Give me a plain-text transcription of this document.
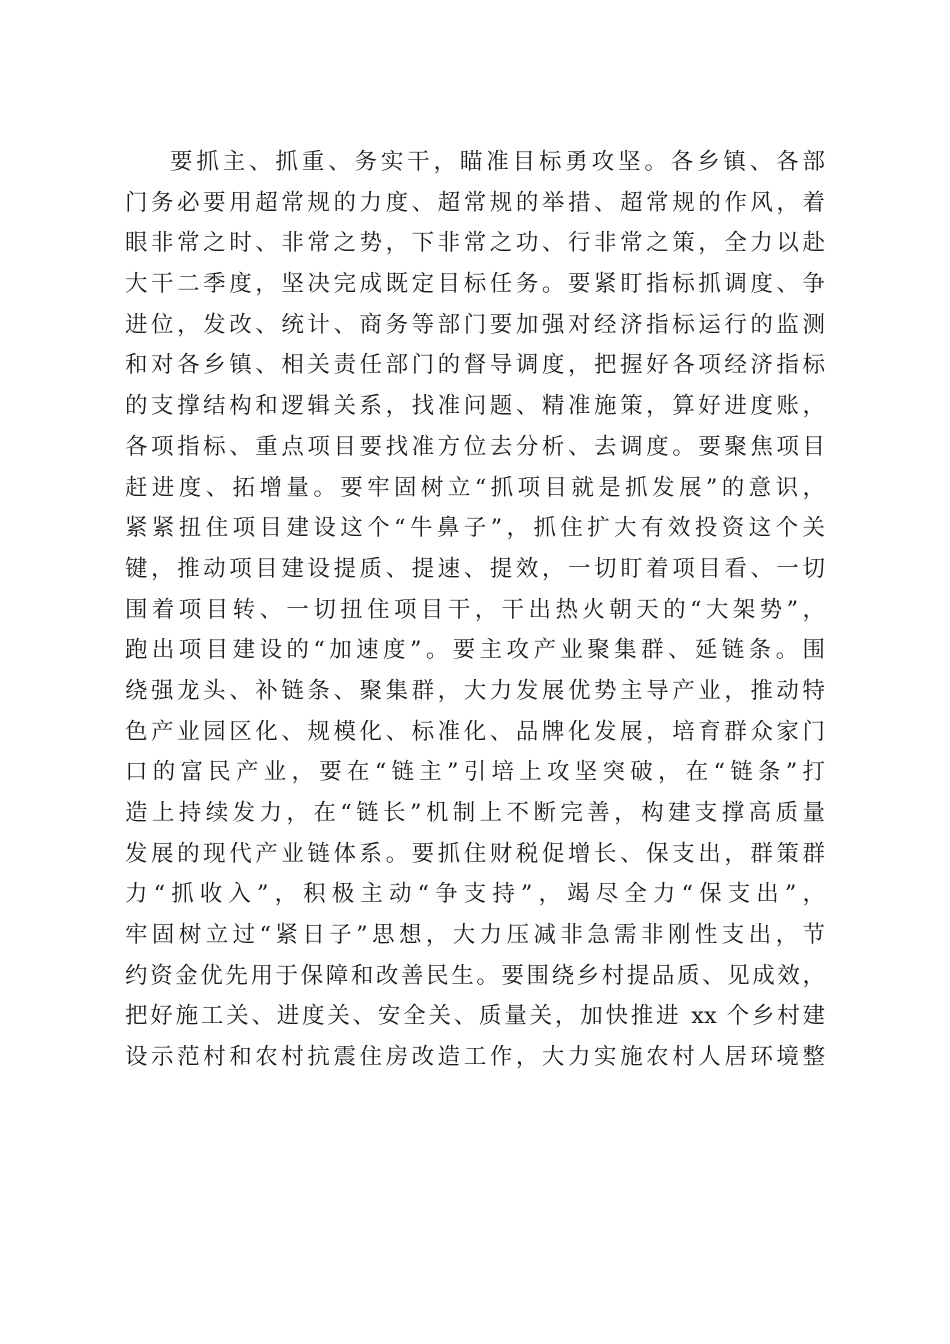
要抓主、抓重、务实干，瞄准目标勇攻坚。各乡镇、各部
门务必要用超常规的力度、超常规的举措、超常规的作风，着
眼非常之时、非常之势，下非常之功、行非常之策，全力以赴
大干二季度，坚决完成既定目标任务。要紧盯指标抓调度、争
进位，发改、统计、商务等部门要加强对经济指标运行的监测
和对各乡镇、相关责任部门的督导调度，把握好各项经济指标
的支撑结构和逻辑关系，找准问题、精准施策，算好进度账，
各项指标、重点项目要找准方位去分析、去调度。要聚焦项目
赶进度、拓增量。要牢固树立“抓项目就是抓发展”的意识，
紧紧扭住项目建设这个“牛鼻子”，抓住扩大有效投资这个关
键，推动项目建设提质、提速、提效，一切盯着项目看、一切
围着项目转、一切扭住项目干，干出热火朝天的“大架势”，
跑出项目建设的“加速度”。要主攻产业聚集群、延链条。围
绕强龙头、补链条、聚集群，大力发展优势主导产业，推动特
色产业园区化、规模化、标准化、品牌化发展，培育群众家门
口的富民产业，要在“链主”引培上攻坚突破，在“链条”打
造上持续发力，在“链长”机制上不断完善，构建支撑高质量
发展的现代产业链体系。要抓住财税促增长、保支出，群策群
力“抓收入”，积极主动“争支持”，竭尽全力“保支出”，
牢固树立过“紧日子”思想，大力压减非急需非刚性支出，节
约资金优先用于保障和改善民生。要围绕乡村提品质、见成效，
把好施工关、进度关、安全关、质量关，加快推进 xx 个乡村建
设示范村和农村抗震住房改造工作，大力实施农村人居环境整
